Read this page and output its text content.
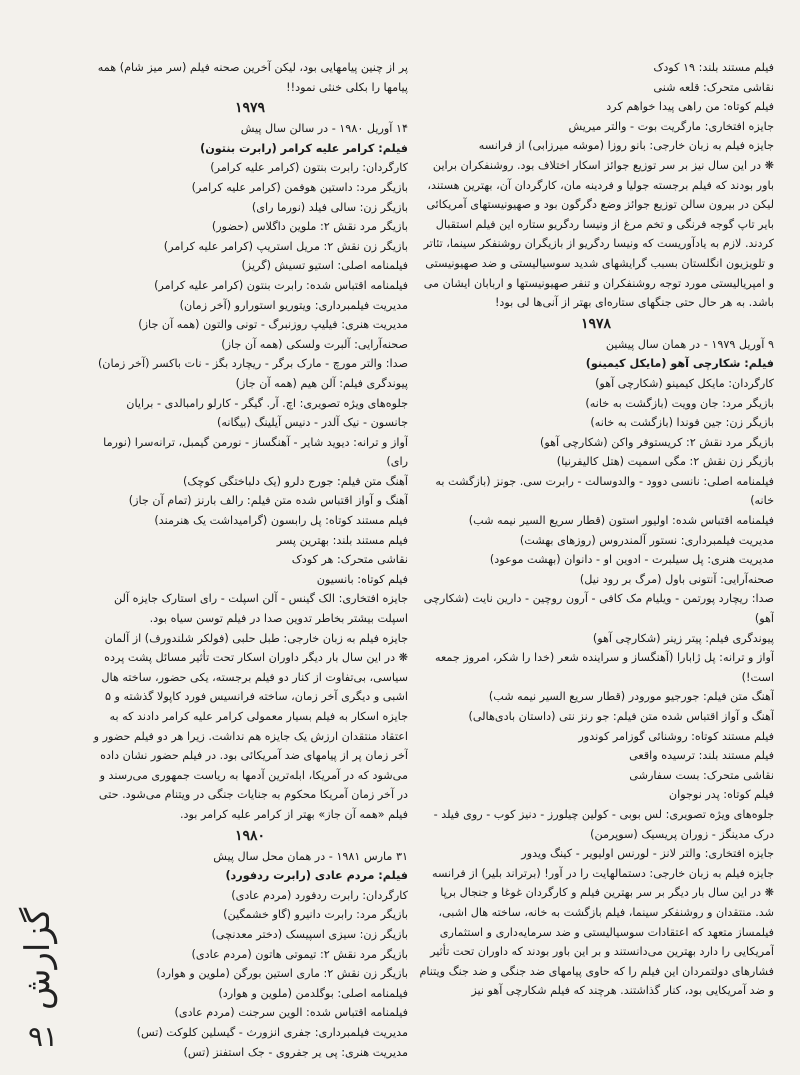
فیلم مستند بلند: ۱۹ کودک
نقاشی متحرک: قلعه شنی
فیلم کوتاه: من راهی پیدا خواهم کرد
جایزه افتخاری: مارگریت بوت - والتر میریش
جایزه فیلم به زبان خارجی: بانو روزا (موشه میرزابی) از فرانسه
❋ در این سال نیز بر سر توزیع جوائز اسکار اختلاف بود. روشنفکران براین باور بودند که فیلم برجسته جولیا و فردینه مان، کارگردان آن، بهترین هستند، لیکن در بیرون سالن توزیع جوائز وضع دگرگون بود و صهیونیستهای آمریکائی بایر تاپ گوجه فرنگی و تخم مرغ از ونیسا ردگریو ستاره این فیلم استقبال کردند. لازم به یادآوریست که ونیسا ردگریو از بازیگران روشنفکر سینما، تئاتر و تلویزیون انگلستان بسبب گرایشهای شدید سوسیالیستی و ضد صهیونیستی و امپریالیستی مورد توجه روشنفکران و تنفر صهیونیستها و اربابان ایشان می باشد. به هر حال حتی جنگهای ستاره‌ای بهتر از آنی‌ها لی بود!
۱۹۷۸
۹ آوریل ۱۹۷۹ - در همان سال پیشین
فیلم: شکارچی آهو (مایکل کیمینو)
کارگردان: مایکل کیمینو (شکارچی آهو)
بازیگر مرد: جان وویت (بازگشت به خانه)
بازیگر زن: جین فوندا (بازگشت به خانه)
بازیگر مرد نقش ۲: کریستوفر واکن (شکارچی آهو)
بازیگر زن نقش ۲: مگی اسمیت (هتل کالیفرنیا)
فیلمنامه اصلی: نانسی دوود - والدوسالت - رابرت سی. جونز (بازگشت به خانه)
فیلمنامه اقتباس شده: اولیور استون (قطار سریع السیر نیمه شب)
مدیریت فیلمبرداری: نستور آلمندروس (روزهای بهشت)
مدیریت هنری: پل سیلبرت - ادوین او - دانوان (بهشت موعود)
صحنه‌آرایی: آنتونی باول (مرگ بر رود نیل)
صدا: ریچارد پورتمن - ویلیام مک کافی - آرون روچین - دارین نایت (شکارچی آهو)
پیوندگری فیلم: پیتر زینر (شکارچی آهو)
آواز و ترانه: پل ژابارا (آهنگساز و سراینده شعر (خدا را شکر، امروز جمعه است!)
آهنگ متن فیلم: جورجیو مورودر (قطار سریع السیر نیمه شب)
آهنگ و آواز اقتباس شده متن فیلم: جو رنز نتی (داستان بادی‌هالی)
فیلم مستند کوتاه: روشنائی گوزامر کوندور
فیلم مستند بلند: ترسیده واقعی
نقاشی متحرک: بست سفارشی
فیلم کوتاه: پدر نوجوان
جلوه‌های ویژه تصویری: لس بوبی - کولین چیلورز - دنیز کوب - روی فیلد - درک مدینگز - زوران پریسیک (سوپرمن)
جایزه افتخاری: والتر لانز - لورنس اولیویر - کینگ ویدور
جایزه فیلم به زبان خارجی: دستمالهایت را در آور! (برتراند بلیر) از فرانسه
❋ در این سال بار دیگر بر سر بهترین فیلم و کارگردان غوغا و جنجال برپا شد. منتقدان و روشنفکر سینما، فیلم بازگشت به خانه، ساخته هال اشبی، فیلمساز متعهد که اعتقادات سوسیالیستی و ضد سرمایه‌داری و استثماری آمریکایی را دارد بهترین می‌دانستند و بر این باور بودند که داوران تحت تأثیر فشارهای دولتمردان این فیلم را که حاوی پیامهای ضد جنگی و ضد جنگ ویتنام و ضد آمریکایی بود، کنار گذاشتند. هرچند که فیلم شکارچی آهو نیز
پر از چنین پیامهایی بود، لیکن آخرین صحنه فیلم (سر میز شام) همه پیامها را بکلی خنثی نمود!!
۱۹۷۹
۱۴ آوریل ۱۹۸۰ - در سالن سال پیش
فیلم: کرامر علیه کرامر (رابرت بنتون)
کارگردان: رابرت بنتون (کرامر علیه کرامر)
بازیگر مرد: داستین هوفمن (کرامر علیه کرامر)
بازیگر زن: سالی فیلد (نورما رای)
بازیگر مرد نقش ۲: ملوین داگلاس (حضور)
بازیگر زن نقش ۲: مریل استریپ (کرامر علیه کرامر)
فیلمنامه اصلی: استیو تسیش (گریز)
فیلمنامه اقتباس شده: رابرت بنتون (کرامر علیه کرامر)
مدیریت فیلمبرداری: ویتوریو استورارو (آخر زمان)
مدیریت هنری: فیلیپ روزنبرگ - تونی والتون (همه آن جاز)
صحنه‌آرایی: آلبرت ولسکی (همه آن جاز)
صدا: والتر مورچ - مارک برگر - ریچارد بگز - نات باکسر (آخر زمان)
پیوندگری فیلم: آلن هیم (همه آن جاز)
جلوه‌های ویژه تصویری: اچ. آر. گیگر - کارلو رامبالدی - برایان جانسون - نیک آلدر - دنیس آیلینگ (بیگانه)
آواز و ترانه: دیوید شایر - آهنگساز - نورمن گیمبل، ترانه‌سرا (نورما رای)
آهنگ متن فیلم: جورج دلرو (یک دلباختگی کوچک)
آهنگ و آواز اقتباس شده متن فیلم: رالف بارنز (تمام آن جاز)
فیلم مستند کوتاه: پل رابسون (گرامیداشت یک هنرمند)
فیلم مستند بلند: بهترین پسر
نقاشی متحرک: هر کودک
فیلم کوتاه: بانسیون
جایزه افتخاری: الک گینس - آلن اسپلت - رای استارک جایزه آلن اسپلت بیشتر بخاطر تدوین صدا در فیلم توسن سیاه بود.
جایزه فیلم به زبان خارجی: طبل حلبی (فولکر شلندورف) از آلمان
❋ در این سال بار دیگر داوران اسکار تحت تأثیر مسائل پشت پرده سیاسی، بی‌تفاوت از کنار دو فیلم برجسته، یکی حضور، ساخته هال اشبی و دیگری آخر زمان، ساخته فرانسیس فورد کاپولا گذشته و ۵ جایزه اسکار به فیلم بسیار معمولی کرامر علیه کرامر دادند که به اعتقاد منتقدان ارزش یک جایزه هم نداشت. زیرا هر دو فیلم حضور و آخر زمان پر از پیامهای ضد آمریکائی بود. در فیلم حضور نشان داده می‌شود که در آمریکا، ابله‌ترین آدمها به ریاست جمهوری می‌رسند و در آخر زمان آمریکا محکوم به جنایات جنگی در ویتنام می‌شود. حتی فیلم «همه آن جاز» بهتر از کرامر علیه کرامر بود.
۱۹۸۰
۳۱ مارس ۱۹۸۱ - در همان محل سال پیش
فیلم: مردم عادی (رابرت ردفورد)
کارگردان: رابرت ردفورد (مردم عادی)
بازیگر مرد: رابرت دانیرو (گاو خشمگین)
بازیگر زن: سیزی اسپیسک (دختر معدنچی)
بازیگر مرد نقش ۲: تیموتی هاتون (مردم عادی)
بازیگر زن نقش ۲: ماری استین بورگن (ملوین و هوارد)
فیلمنامه اصلی: بوگلدمن (ملوین و هوارد)
فیلمنامه اقتباس شده: الوین سرجنت (مردم عادی)
مدیریت فیلمبرداری: جفری انزورث - گیسلین کلوکت (تس)
مدیریت هنری: پی یر جفروی - جک استفنز (تس)
گزارش
۹۱
